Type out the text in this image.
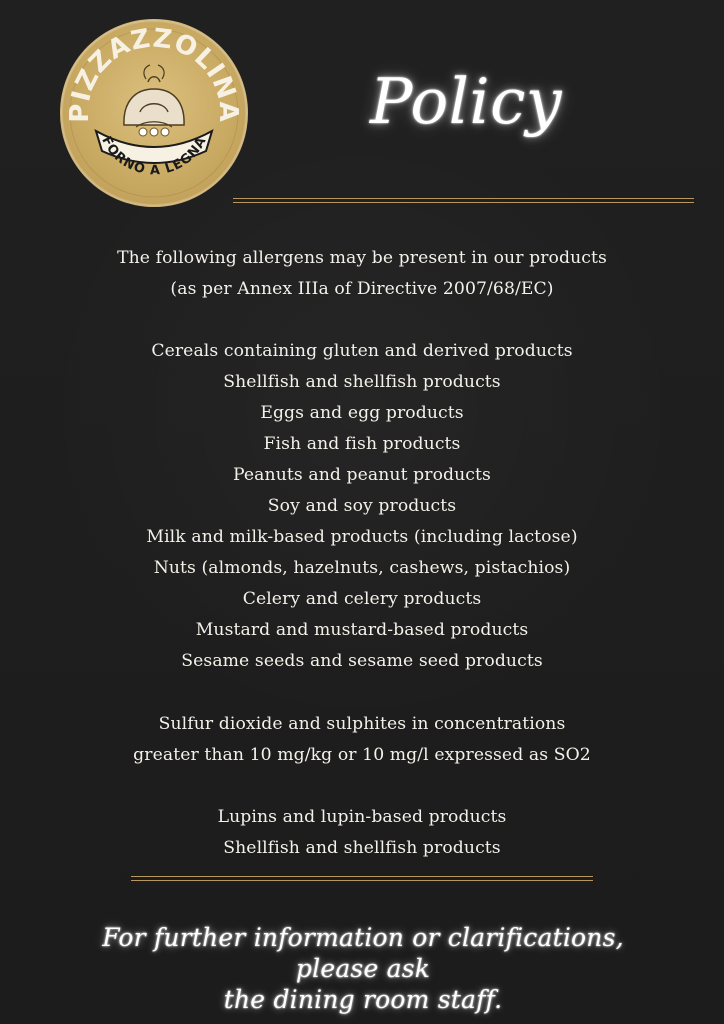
PIZZAZZOLINA
FORNO A LEGNA
Policy
The following allergens may be present in our products
(as per Annex IIIa of Directive 2007/68/EC)
Cereals containing gluten and derived products
Shellfish and shellfish products
Eggs and egg products
Fish and fish products
Peanuts and peanut products
Soy and soy products
Milk and milk-based products (including lactose)
Nuts (almonds, hazelnuts, cashews, pistachios)
Celery and celery products
Mustard and mustard-based products
Sesame seeds and sesame seed products
Sulfur dioxide and sulphites in concentrations
greater than 10 mg/kg or 10 mg/l expressed as SO2
Lupins and lupin-based products
Shellfish and shellfish products
For further information or clarifications, please ask
the dining room staff.
